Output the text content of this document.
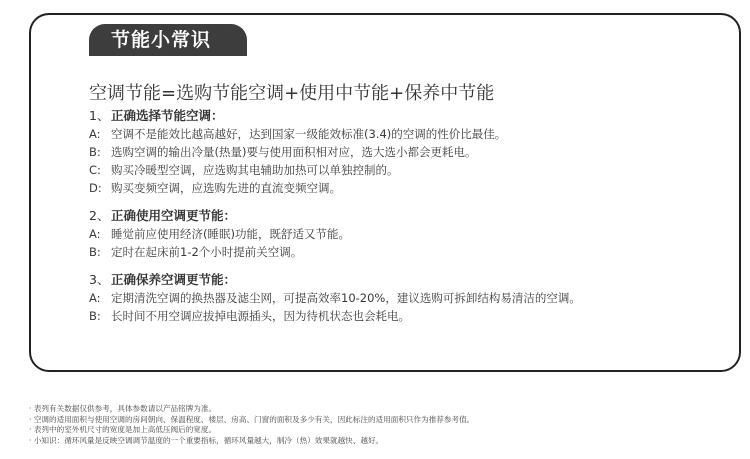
节能小常识
空调节能=选购节能空调+使用中节能+保养中节能
1、 正确选择节能空调：
A: 空调不是能效比越高越好，达到国家一级能效标准(3.4)的空调的性价比最佳。
B: 选购空调的输出冷量(热量)要与使用面积相对应，选大选小都会更耗电。
C: 购买冷暖型空调，应选购其电辅助加热可以单独控制的。
D: 购买变频空调，应选购先进的直流变频空调。
2、 正确使用空调更节能：
A: 睡觉前应使用经济(睡眠)功能，既舒适又节能。
B: 定时在起床前1-2个小时提前关空调。
3、 正确保养空调更节能：
A: 定期清洗空调的换热器及滤尘网，可提高效率10-20%，建议选购可拆卸结构易清洁的空调。
B: 长时间不用空调应拔掉电源插头，因为待机状态也会耗电。
· 表列有关数据仅供参考，具体参数请以产品铭牌为准。
· 空调的适用面积与使用空调的房间朝向、保温程度、楼层、房高、门窗的面积及多少有关，因此标注的适用面积只作为推荐参考值。
· 表列中的室外机尺寸的宽度是加上高低压阀后的宽度。
· 小知识：循环风量是反映空调调节温度的一个重要指标，循环风量越大，制冷（热）效果就越快、越好。
